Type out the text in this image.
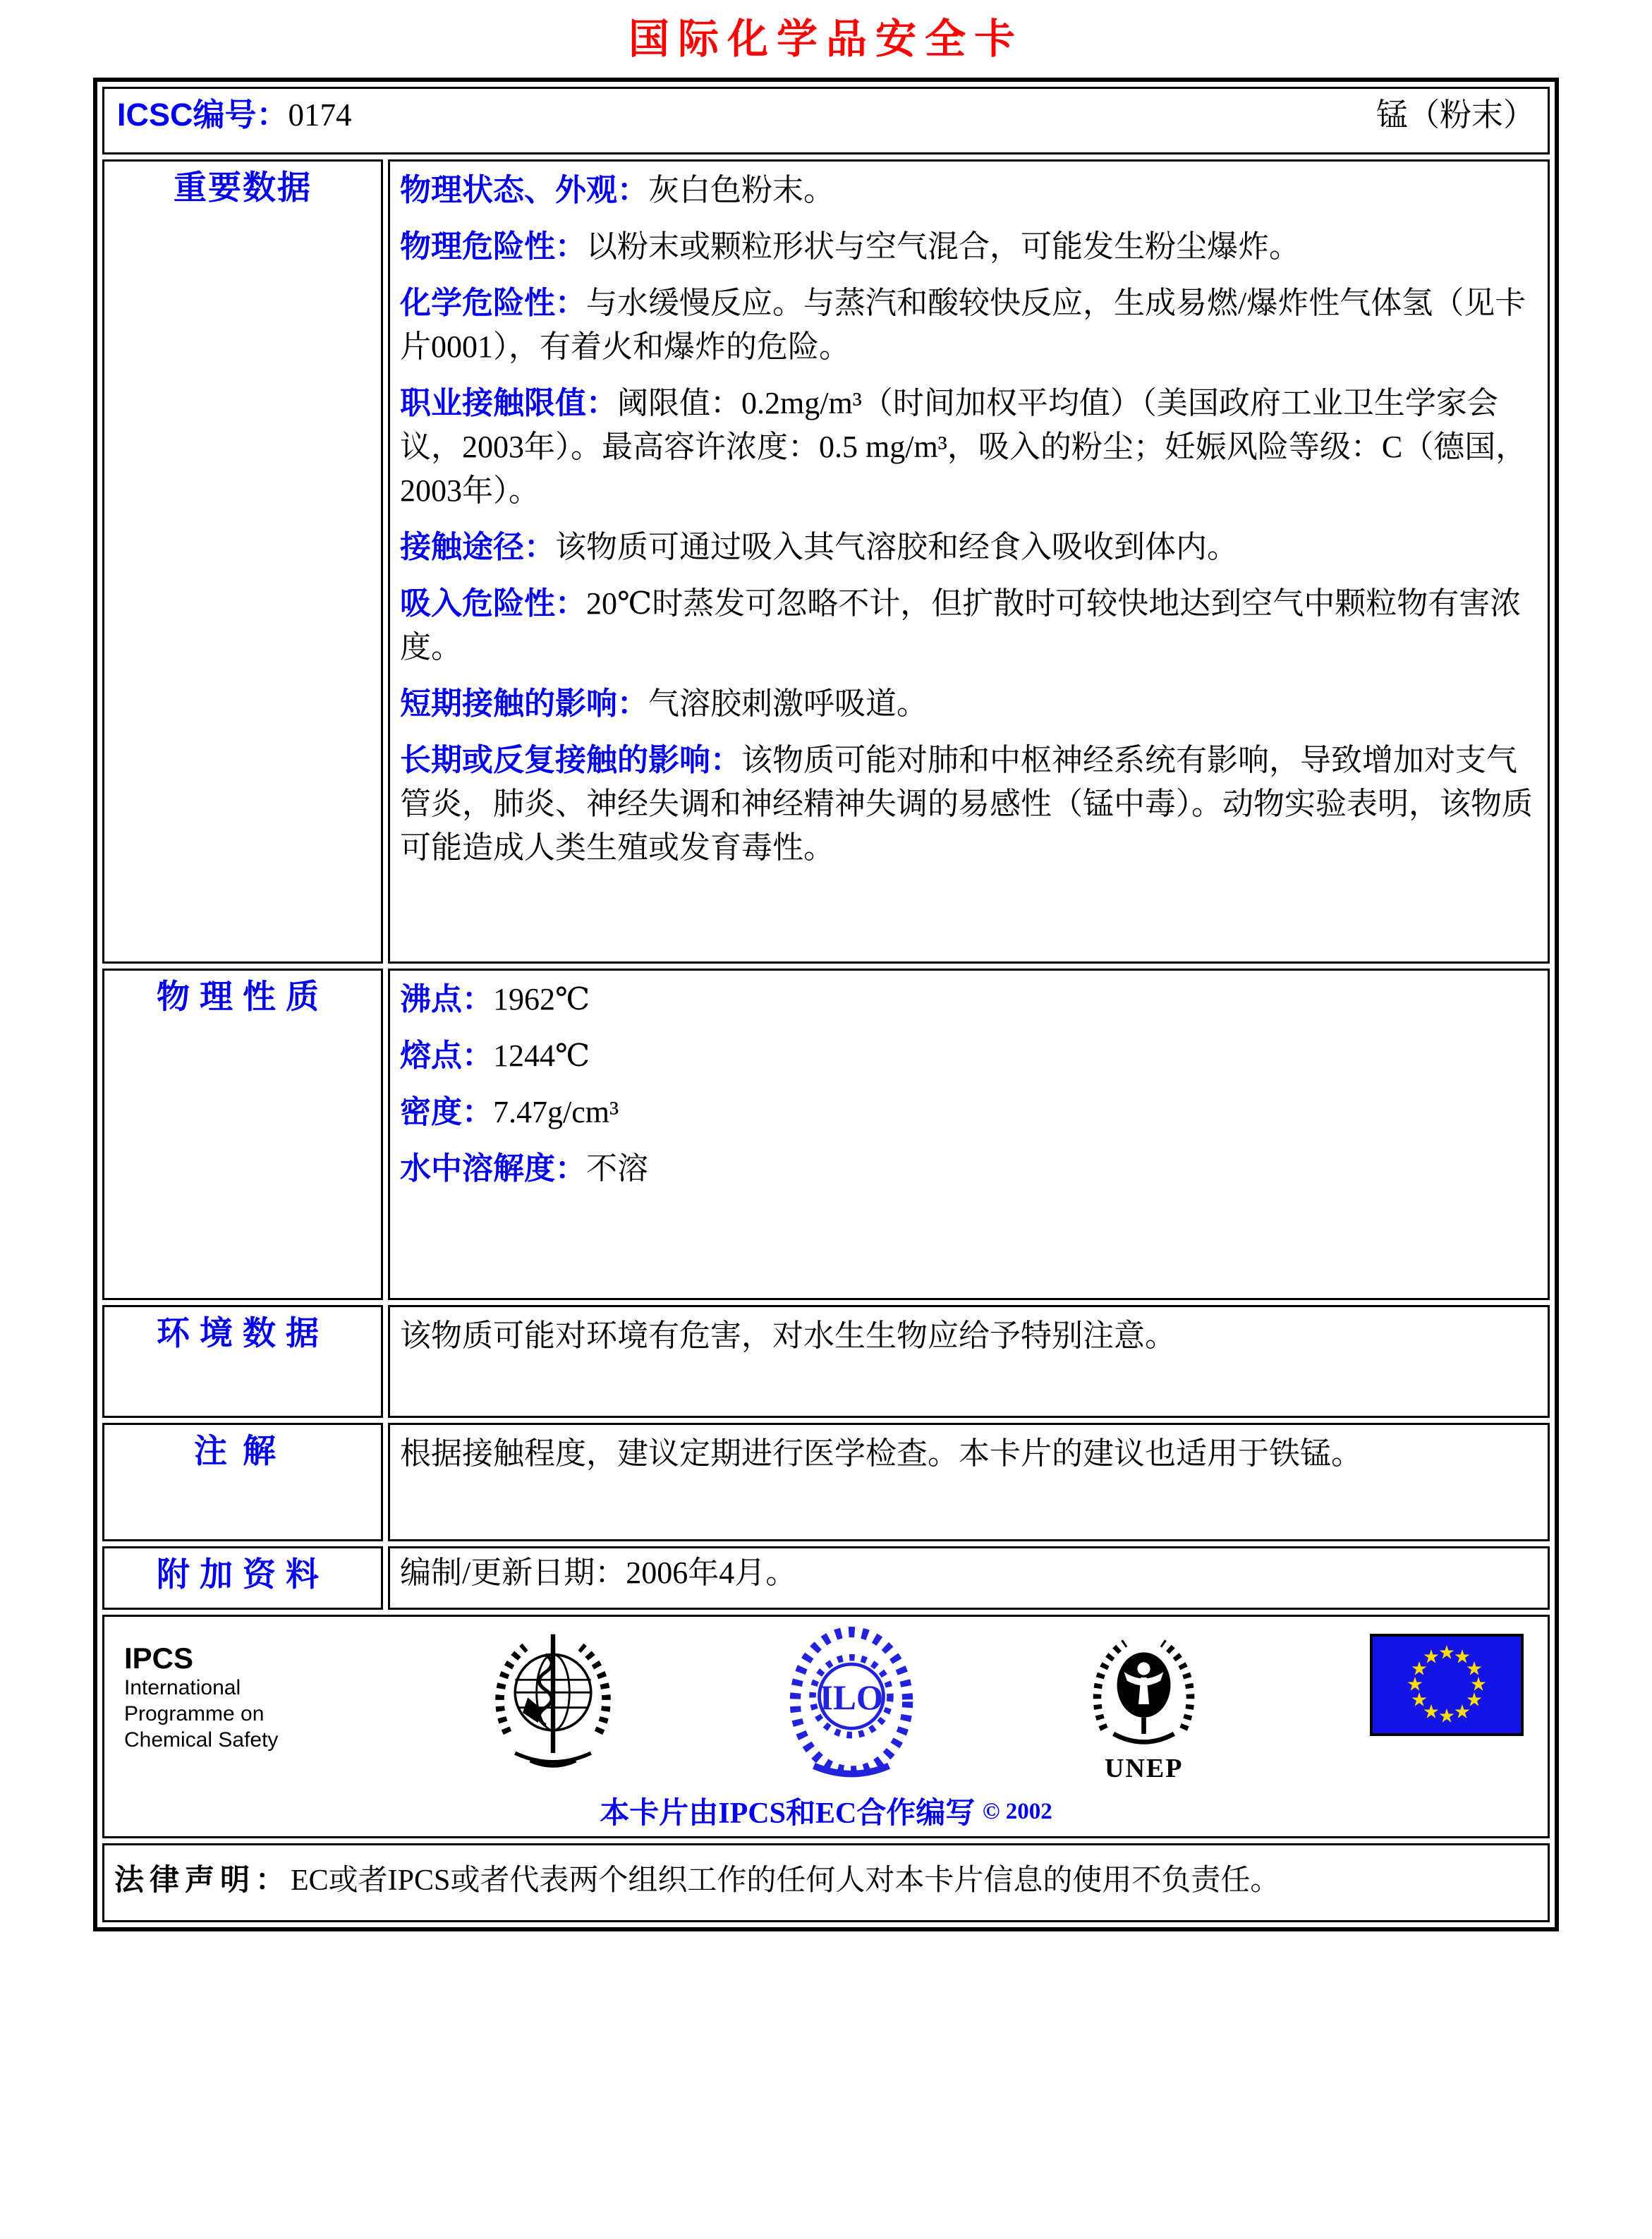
国际化学品安全卡
ICSC编号：0174 锰（粉末）	

重要数据	物理状态、外观：灰白色粉末。

物理危险性：以粉末或颗粒形状与空气混合，可能发生粉尘爆炸。

化学危险性：与水缓慢反应。与蒸汽和酸较快反应，生成易燃/爆炸性气体氢（见卡片0001），有着火和爆炸的危险。

职业接触限值：阈限值：0.2mg/m³（时间加权平均值）（美国政府工业卫生学家会议，2003年）。最高容许浓度：0.5 mg/m³，吸入的粉尘；妊娠风险等级：C（德国，2003年）。

接触途径：该物质可通过吸入其气溶胶和经食入吸收到体内。

吸入危险性：20℃时蒸发可忽略不计，但扩散时可较快地达到空气中颗粒物有害浓度。

短期接触的影响：气溶胶刺激呼吸道。

长期或反复接触的影响：该物质可能对肺和中枢神经系统有影响，导致增加对支气管炎，肺炎、神经失调和神经精神失调的易感性（锰中毒）。动物实验表明，该物质可能造成人类生殖或发育毒性。

物理性质	沸点：1962℃

熔点：1244℃

密度：7.47g/cm³

水中溶解度：不溶

环境数据	该物质可能对环境有危害，对水生生物应给予特别注意。

注解	根据接触程度，建议定期进行医学检查。本卡片的建议也适用于铁锰。

附加资料	编制/更新日期：2006年4月。

IPCS
International
Programme on
Chemical Safety
ILO
UNEP
★
★
★
★
★
★
★
★
★
★
★
★
本卡片由IPCS和EC合作编写 © 2002

法律声明：EC或者IPCS或者代表两个组织工作的任何人对本卡片信息的使用不负责任。	
